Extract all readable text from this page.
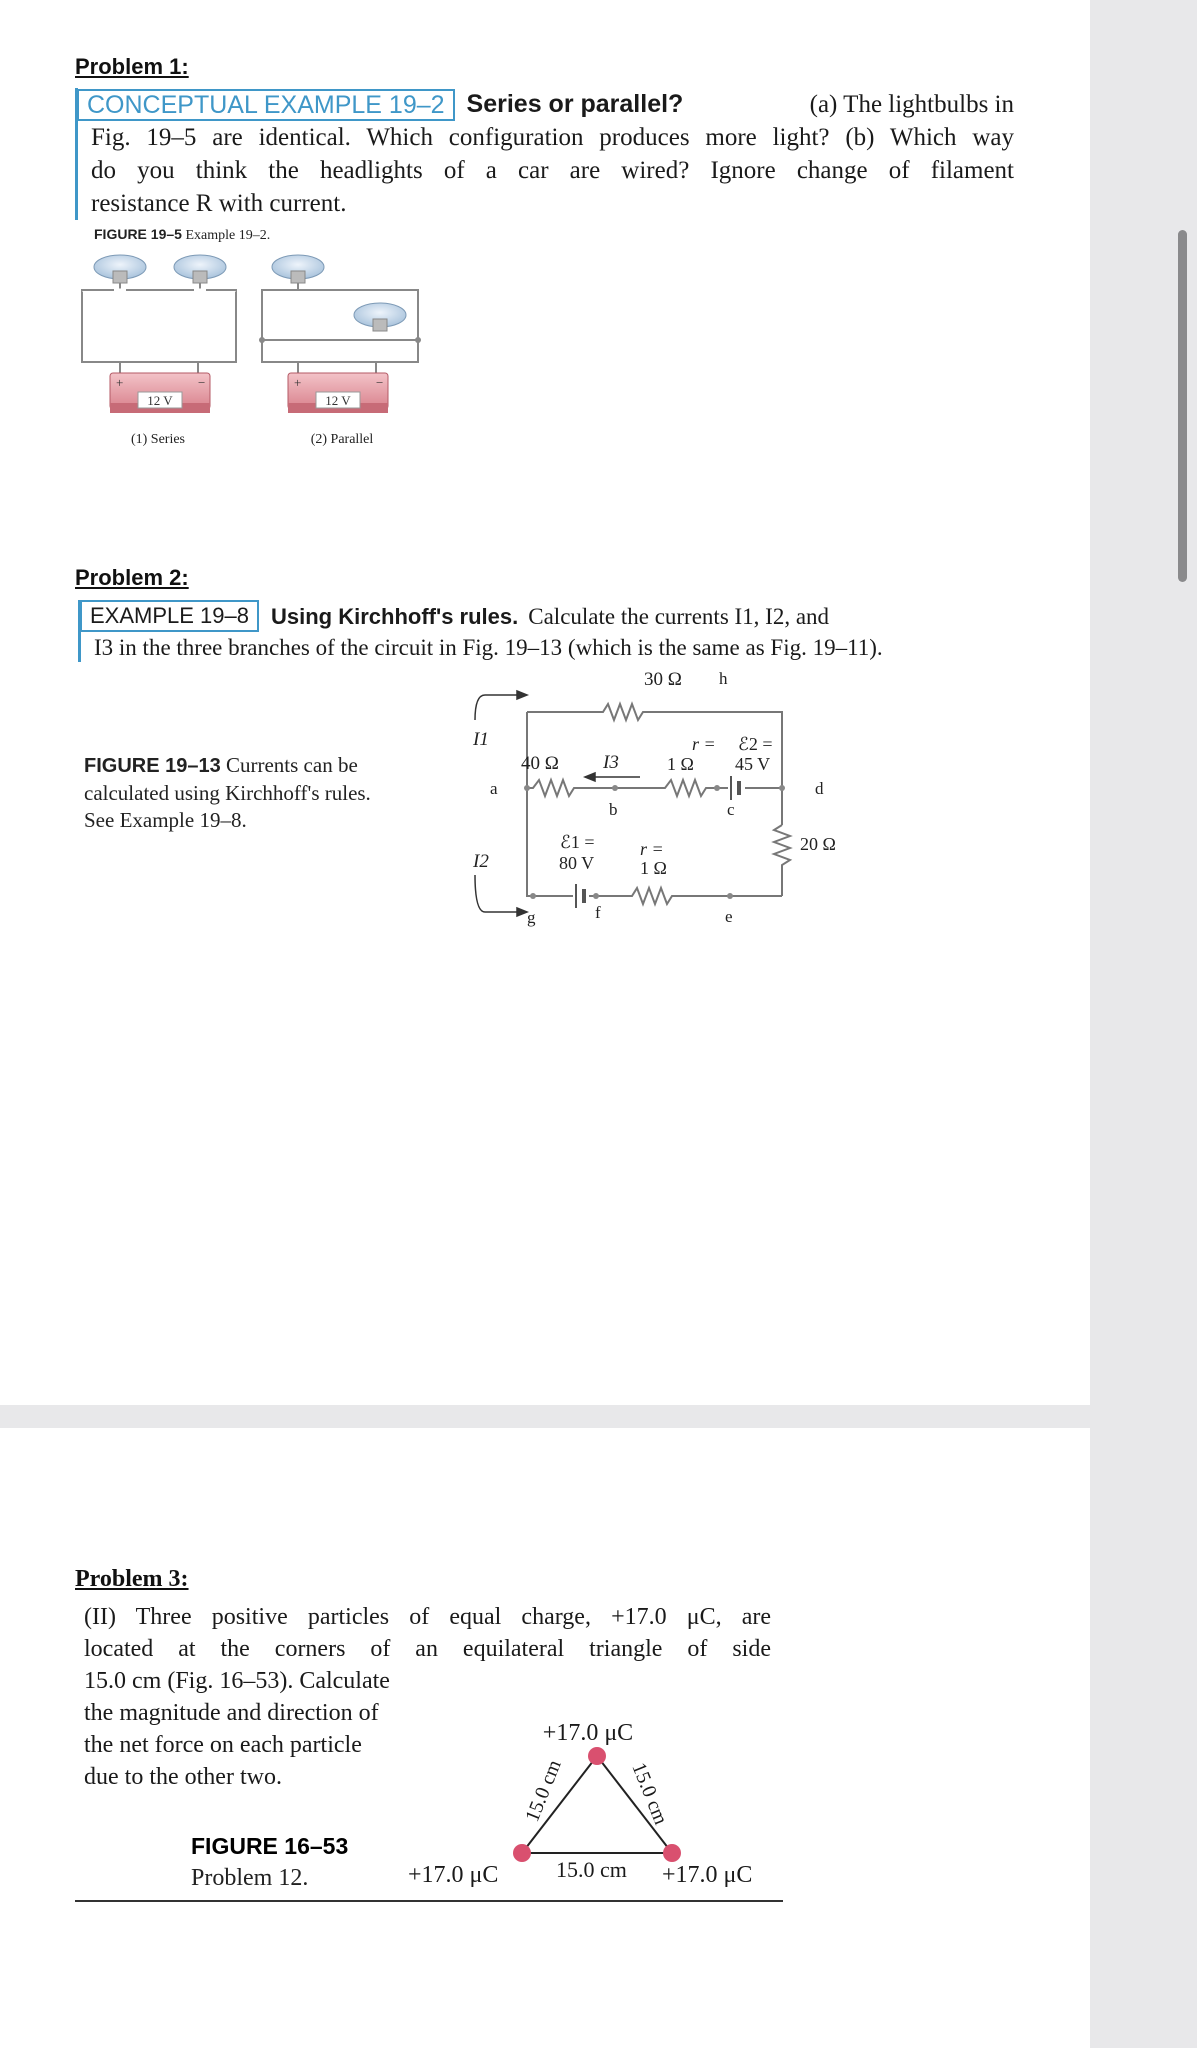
Problem 1:
CONCEPTUAL EXAMPLE 19–2 Series or parallel?	(a) The lightbulbs in
Fig. 19–5 are identical. Which configuration produces more light? (b) Which way
do you think the headlights of a car are wired? Ignore change of filament
resistance R with current.
FIGURE 19–5 Example 19–2.
+	−
12 V
(1) Series
+	−
12 V
(2) Parallel
Problem 2:
EXAMPLE 19–8	Using Kirchhoff's rules. Calculate the currents I1, I2, and
I3 in the three branches of the circuit in Fig. 19–13 (which is the same as Fig. 19–11).
FIGURE 19–13 Currents can be
calculated using Kirchhoff's rules.
See Example 19–8.
30 Ω h
I1
I2
I3
40 Ω
r = ℰ2 =
1 Ω 45 V
a
b	c
d
20 Ω
ℰ1 =
80 V
r =
1 Ω
e
f
g
Problem 3:
(II) Three positive particles of equal charge, +17.0 μC, are
located at the corners of an equilateral triangle of side
15.0 cm (Fig. 16–53). Calculate
the magnitude and direction of
the net force on each particle
due to the other two.
FIGURE 16–53
Problem 12.
+17.0 μC
+17.0 μC	+17.0 μC
15.0 cm
15.0 cm	15.0 cm
